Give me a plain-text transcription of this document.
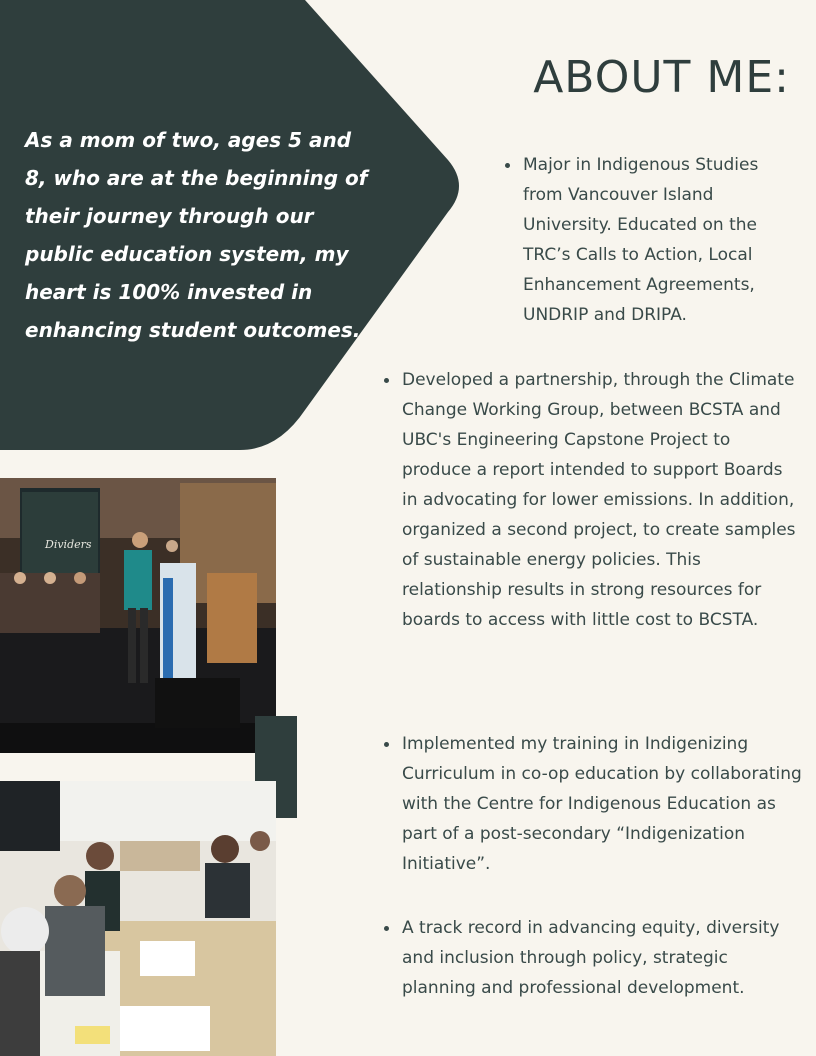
As a mom of two, ages 5 and 8, who are at the beginning of their journey through our public education system, my heart is 100% invested in enhancing student outcomes.

ABOUT ME:
Major in Indigenous Studies from Vancouver Island University. Educated on the TRC’s Calls to Action, Local Enhancement Agreements, UNDRIP and DRIPA.
Developed a partnership, through the Climate Change Working Group, between BCSTA and UBC's Engineering Capstone Project to produce a report intended to support Boards in advocating for lower emissions. In addition, organized a second project, to create samples of sustainable energy policies. This relationship results in strong resources for boards to access with little cost to BCSTA.
Implemented my training in Indigenizing Curriculum in co-op education by collaborating with the Centre for Indigenous Education as part of a post-secondary “Indigenization Initiative”.
A track record in advancing equity, diversity and inclusion through policy, strategic planning and professional development.
Dividers
